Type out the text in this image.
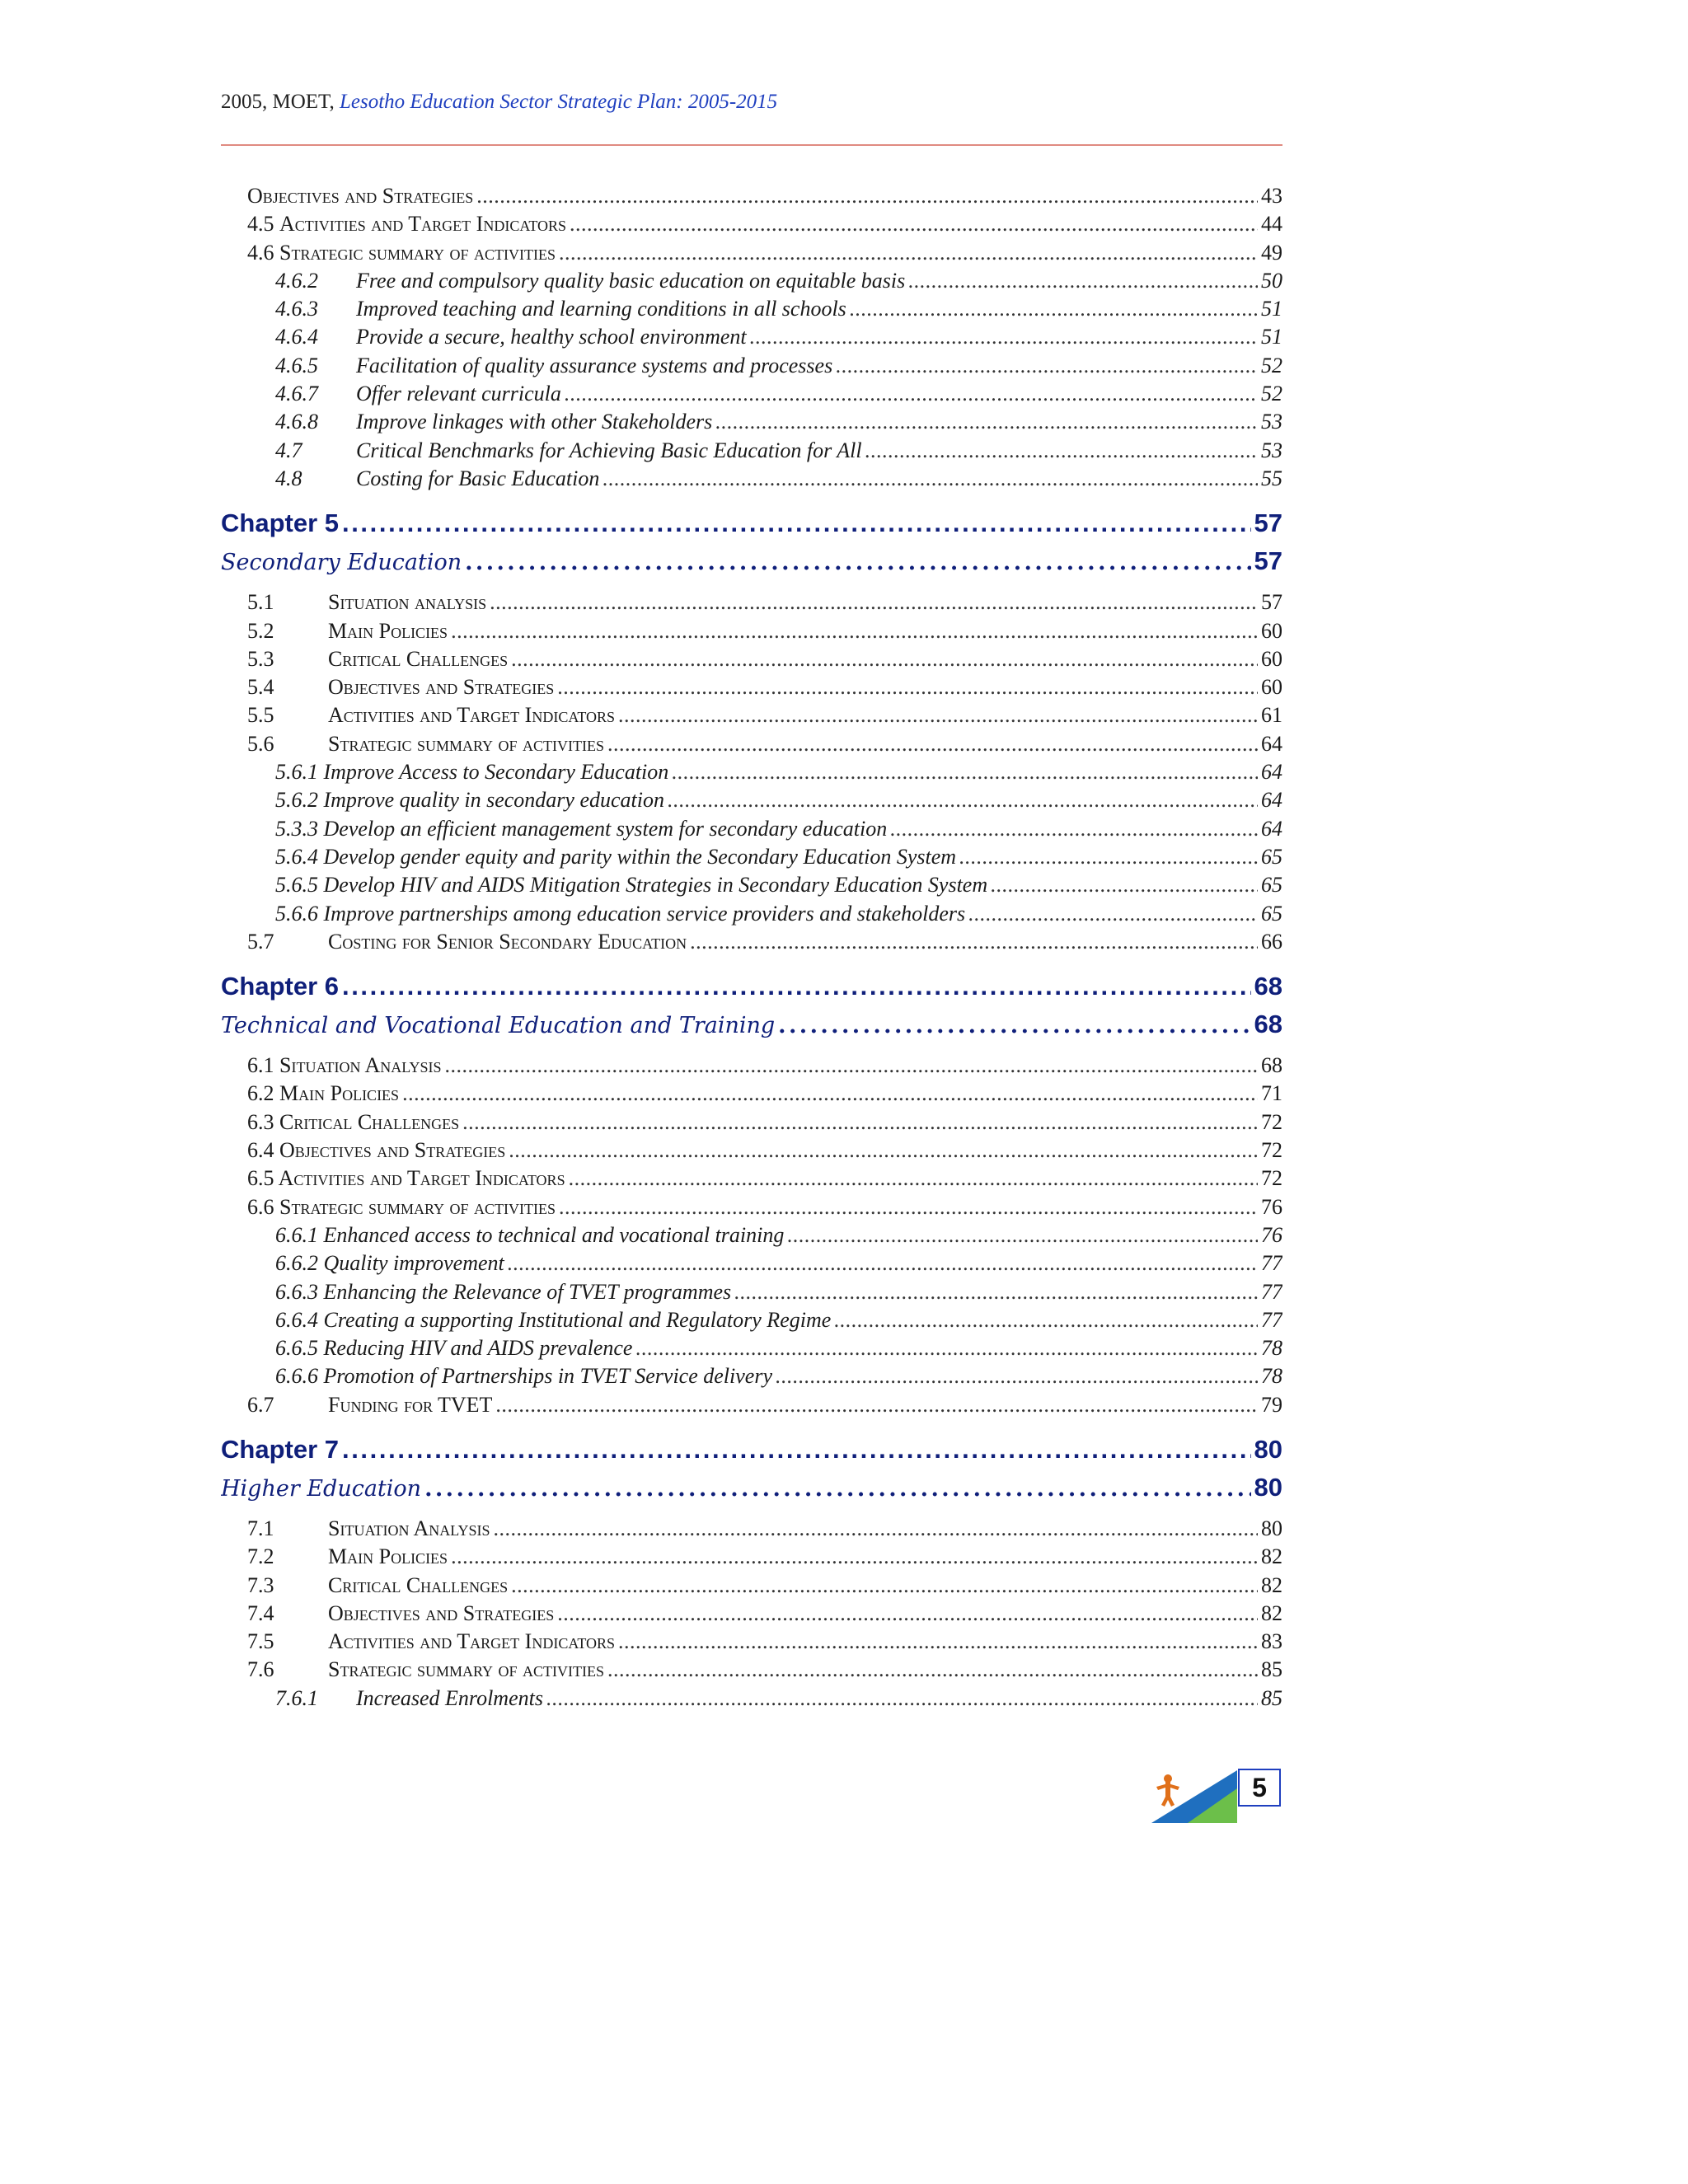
2005, MOET, Lesotho Education Sector Strategic Plan: 2005-2015
Objectives and Strategies . . .	43
4.5 Activities and Target Indicators . . .	44
4.6 Strategic summary of activities . . .	49
4.6.2	Free and compulsory quality basic education on equitable basis . . .	50
4.6.3	Improved teaching and learning conditions in all schools . . .	51
4.6.4	Provide a secure, healthy school environment . . .	51
4.6.5	Facilitation of quality assurance systems and processes . . .	52
4.6.7	Offer relevant curricula . . .	52
4.6.8	Improve linkages with other Stakeholders . . .	53
4.7	Critical Benchmarks for Achieving Basic Education for All . . .	53
4.8	Costing for Basic Education . . .	55
Chapter 5 . . .	57
Secondary Education . . .	57
5.1	Situation analysis . . .	57
5.2	Main Policies . . .	60
5.3	Critical Challenges . . .	60
5.4	Objectives and Strategies . . .	60
5.5	Activities and Target Indicators . . .	61
5.6	Strategic summary of activities . . .	64
5.6.1 Improve Access to Secondary Education . . .	64
5.6.2 Improve quality in secondary education . . .	64
5.3.3 Develop an efficient management system for secondary education . . .	64
5.6.4 Develop gender equity and parity within the Secondary Education System . . .	65
5.6.5 Develop HIV and AIDS Mitigation Strategies in Secondary Education System . . .	65
5.6.6 Improve partnerships among education service providers and stakeholders . . .	65
5.7	Costing for Senior Secondary Education . . .	66
Chapter 6 . . .	68
Technical and Vocational Education and Training . . .	68
6.1 Situation Analysis . . .	68
6.2 Main Policies . . .	71
6.3 Critical Challenges . . .	72
6.4 Objectives and Strategies . . .	72
6.5 Activities and Target Indicators . . .	72
6.6 Strategic summary of activities . . .	76
6.6.1 Enhanced access to technical and vocational training . . .	76
6.6.2 Quality improvement . . .	77
6.6.3 Enhancing the Relevance of TVET programmes . . .	77
6.6.4 Creating a supporting Institutional and Regulatory Regime . . .	77
6.6.5 Reducing HIV and AIDS prevalence . . .	78
6.6.6 Promotion of Partnerships in TVET Service delivery . . .	78
6.7	Funding for TVET . . .	79
Chapter 7 . . .	80
Higher Education . . .	80
7.1	Situation Analysis . . .	80
7.2	Main Policies . . .	82
7.3	Critical Challenges . . .	82
7.4	Objectives and Strategies . . .	82
7.5	Activities and Target Indicators . . .	83
7.6	Strategic summary of activities . . .	85
7.6.1	Increased Enrolments . . .	85
5
